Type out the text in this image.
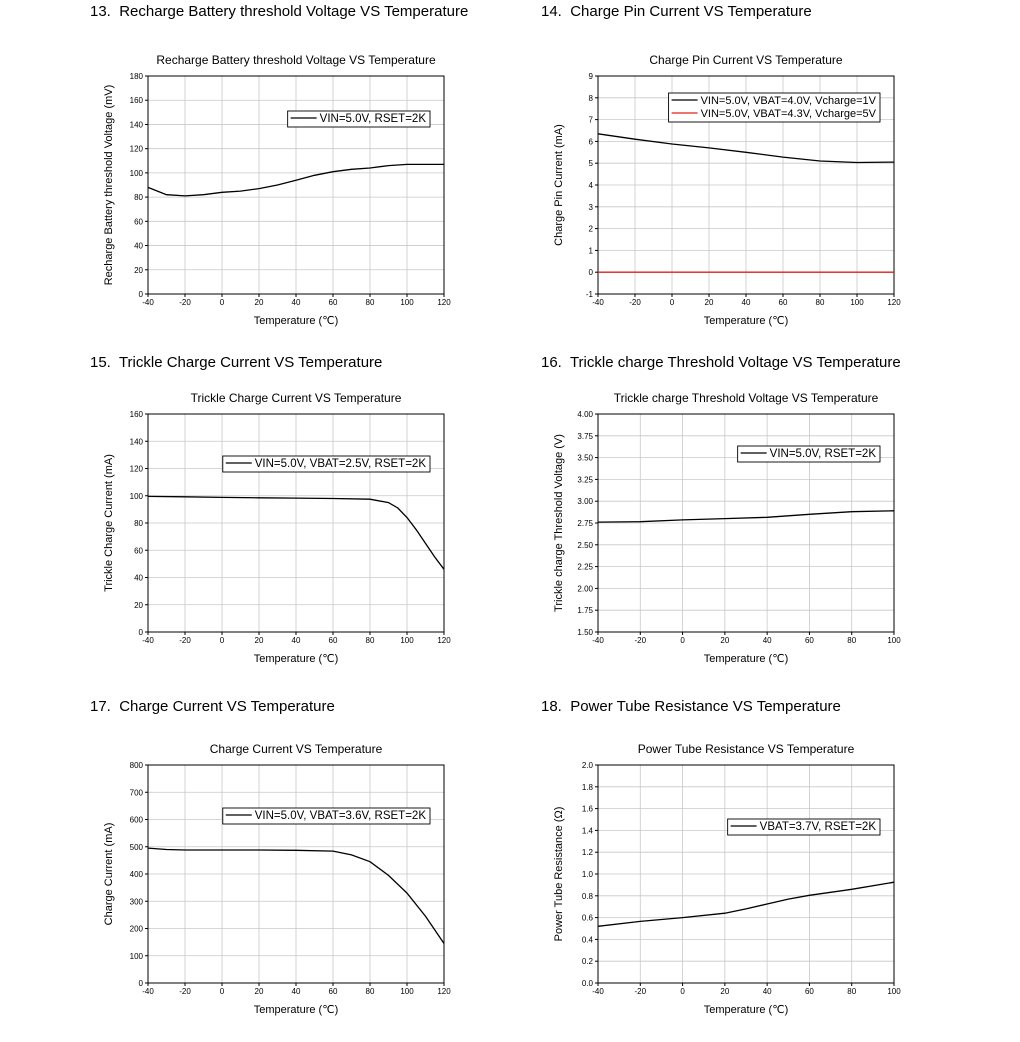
13. Recharge Battery threshold Voltage VS Temperature	14. Charge Pin Current VS Temperature
15. Trickle Charge Current VS Temperature	16. Trickle charge Threshold Voltage VS Temperature
17. Charge Current VS Temperature	18. Power Tube Resistance VS Temperature
Recharge Battery threshold Voltage VS Temperature
-40	-20	0	20	40	60	80	100	120
0
20
40
60
80
100
120
140
160
180
Temperature (℃)
Recharge Battery threshold Voltage (mV)	VIN=5.0V, RSET=2K
Charge Pin Current VS Temperature
-40	-20	0	20	40	60	80	100	120
-1
0
1
2
3
4
5
6
7
8
9
Temperature (℃)
Charge Pin Current (mA)
VIN=5.0V, VBAT=4.0V, Vcharge=1V
VIN=5.0V, VBAT=4.3V, Vcharge=5V
Trickle Charge Current VS Temperature
-40	-20	0	20	40	60	80	100	120
0
20
40
60
80
100
120
140
160
Temperature (℃)
Trickle Charge Current (mA)	VIN=5.0V, VBAT=2.5V, RSET=2K
Trickle charge Threshold Voltage VS Temperature
-40	-20	0	20	40	60	80	100
1.50
1.75
2.00
2.25
2.50
2.75
3.00
3.25
3.50
3.75
4.00
Temperature (℃)
Trickle charge Threshold Voltage (V)	VIN=5.0V, RSET=2K
Charge Current VS Temperature
-40	-20	0	20	40	60	80	100	120
0
100
200
300
400
500
600
700
800
Temperature (℃)
Charge Current (mA)
VIN=5.0V, VBAT=3.6V, RSET=2K
Power Tube Resistance VS Temperature
-40	-20	0	20	40	60	80	100
0.0
0.2
0.4
0.6
0.8
1.0
1.2
1.4
1.6
1.8
2.0
Temperature (℃)
Power Tube Resistance (Ω)	VBAT=3.7V, RSET=2K
